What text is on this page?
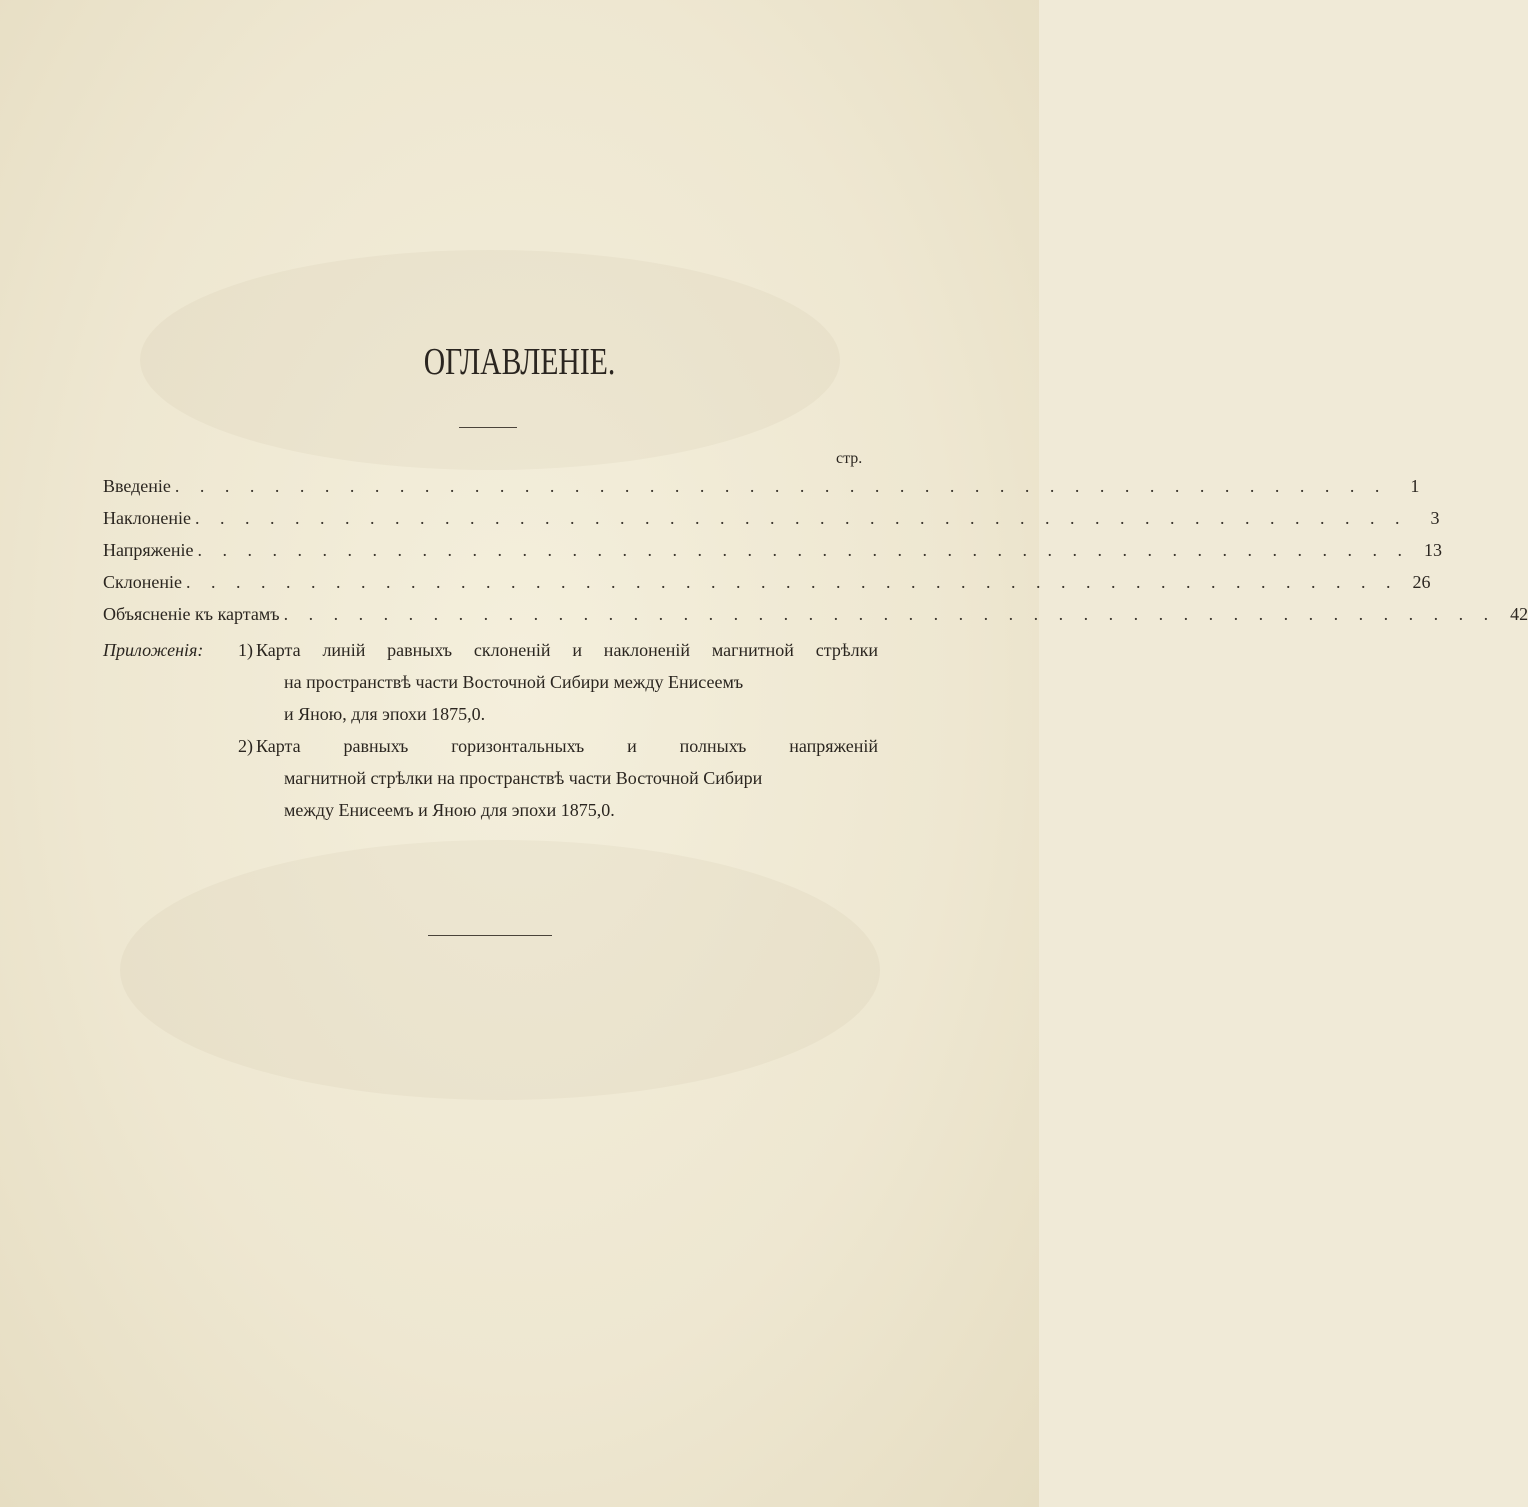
ОГЛАВЛЕНІЕ.
стр.
Введеніе . . . . . . . . . . . . . . . . . . . . . . . . . . . . . . . . . . . . . . . . . . . . . . . . .	1
Наклоненіе . . . . . . . . . . . . . . . . . . . . . . . . . . . . . . . . . . . . . . . . . . . . . . . . .	3
Напряженіе . . . . . . . . . . . . . . . . . . . . . . . . . . . . . . . . . . . . . . . . . . . . . . . . . 13
Склоненіе . . . . . . . . . . . . . . . . . . . . . . . . . . . . . . . . . . . . . . . . . . . . . . . . . 26
Объясненіе къ картамъ . . . . . . . . . . . . . . . . . . . . . . . . . . . . . . . . . . . . . . . . . . . . . . . . . 42
Приложенія:	1) Карта линій равныхъ склоненій и наклоненій магнитной стрѣлки
на пространствѣ части Восточной Сибири между Енисеемъ
и Яною, для эпохи 1875,0.
2) Карта равныхъ горизонтальныхъ и полныхъ напряженій
магнитной стрѣлки на пространствѣ части Восточной Сибири
между Енисеемъ и Яною для эпохи 1875,0.
